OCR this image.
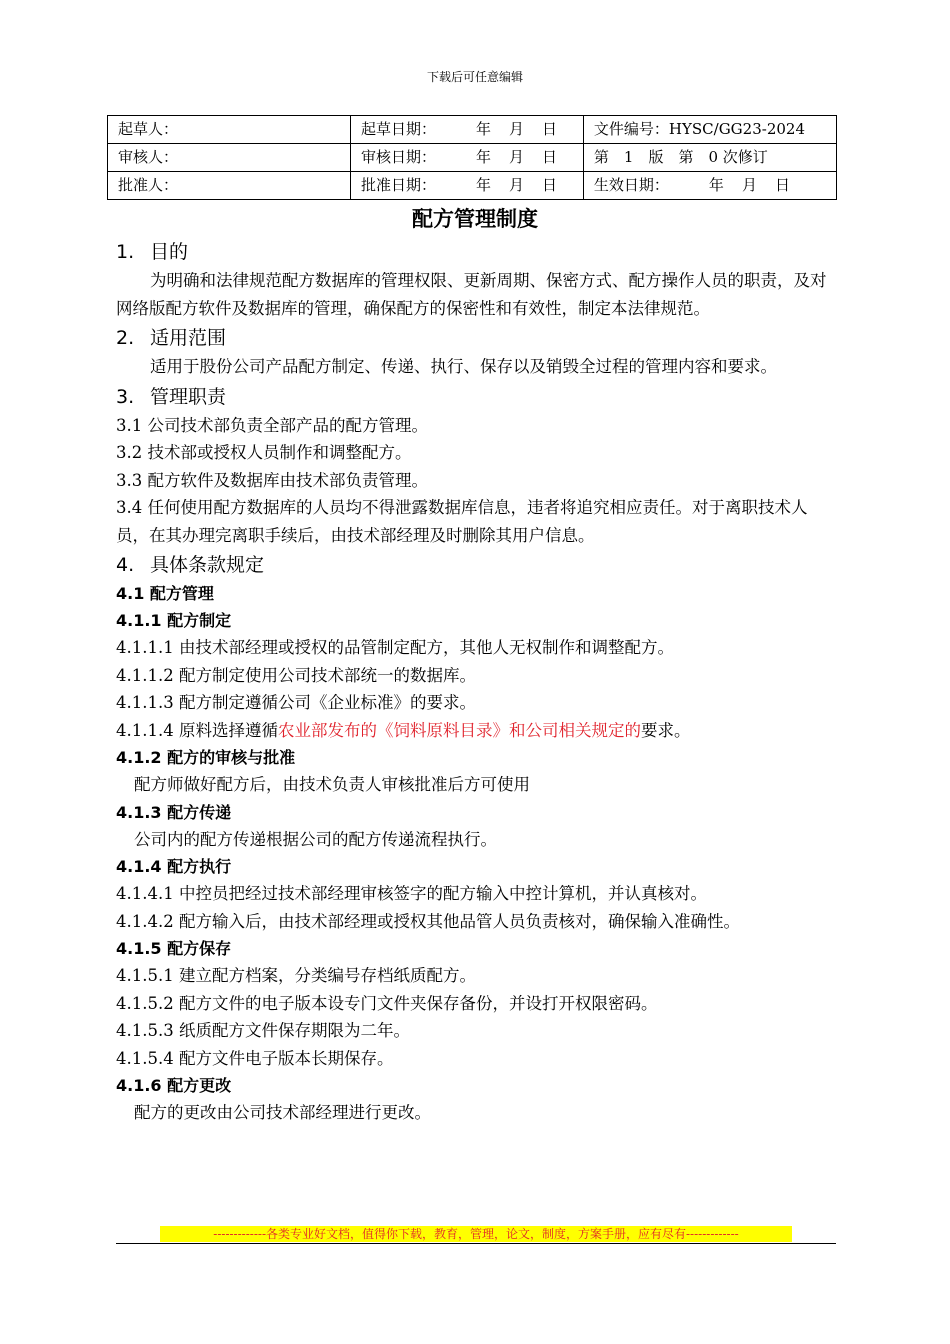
下载后可任意编辑
起草人：	起草日期： 年 月 日	文件编号：HYSC/GG23-2024
审核人：	审核日期： 年 月 日	第　1　版　 第　0 次修订
批准人：	批准日期： 年 月 日	生效日期： 年 月 日
配方管理制度
1. 目的
为明确和法律规范配方数据库的管理权限、更新周期、保密方式、配方操作人员的职责，及对网络版配方软件及数据库的管理，确保配方的保密性和有效性，制定本法律规范。
2. 适用范围
适用于股份公司产品配方制定、传递、执行、保存以及销毁全过程的管理内容和要求。
3. 管理职责
3.1 公司技术部负责全部产品的配方管理。
3.2 技术部或授权人员制作和调整配方。
3.3 配方软件及数据库由技术部负责管理。
3.4 任何使用配方数据库的人员均不得泄露数据库信息，违者将追究相应责任。对于离职技术人员，在其办理完离职手续后，由技术部经理及时删除其用户信息。
4. 具体条款规定
4.1 配方管理
4.1.1 配方制定
4.1.1.1 由技术部经理或授权的品管制定配方，其他人无权制作和调整配方。
4.1.1.2 配方制定使用公司技术部统一的数据库。
4.1.1.3 配方制定遵循公司《企业标准》的要求。
4.1.1.4 原料选择遵循农业部发布的《饲料原料目录》和公司相关规定的要求。
4.1.2 配方的审核与批准
配方师做好配方后，由技术负责人审核批准后方可使用
4.1.3 配方传递
公司内的配方传递根据公司的配方传递流程执行。
4.1.4 配方执行
4.1.4.1 中控员把经过技术部经理审核签字的配方输入中控计算机，并认真核对。
4.1.4.2 配方输入后，由技术部经理或授权其他品管人员负责核对，确保输入准确性。
4.1.5 配方保存
4.1.5.1 建立配方档案，分类编号存档纸质配方。
4.1.5.2 配方文件的电子版本设专门文件夹保存备份，并设打开权限密码。
4.1.5.3 纸质配方文件保存期限为二年。
4.1.5.4 配方文件电子版本长期保存。
4.1.6 配方更改
配方的更改由公司技术部经理进行更改。
-------------各类专业好文档，值得你下载，教育，管理，论文，制度，方案手册，应有尽有-------------
